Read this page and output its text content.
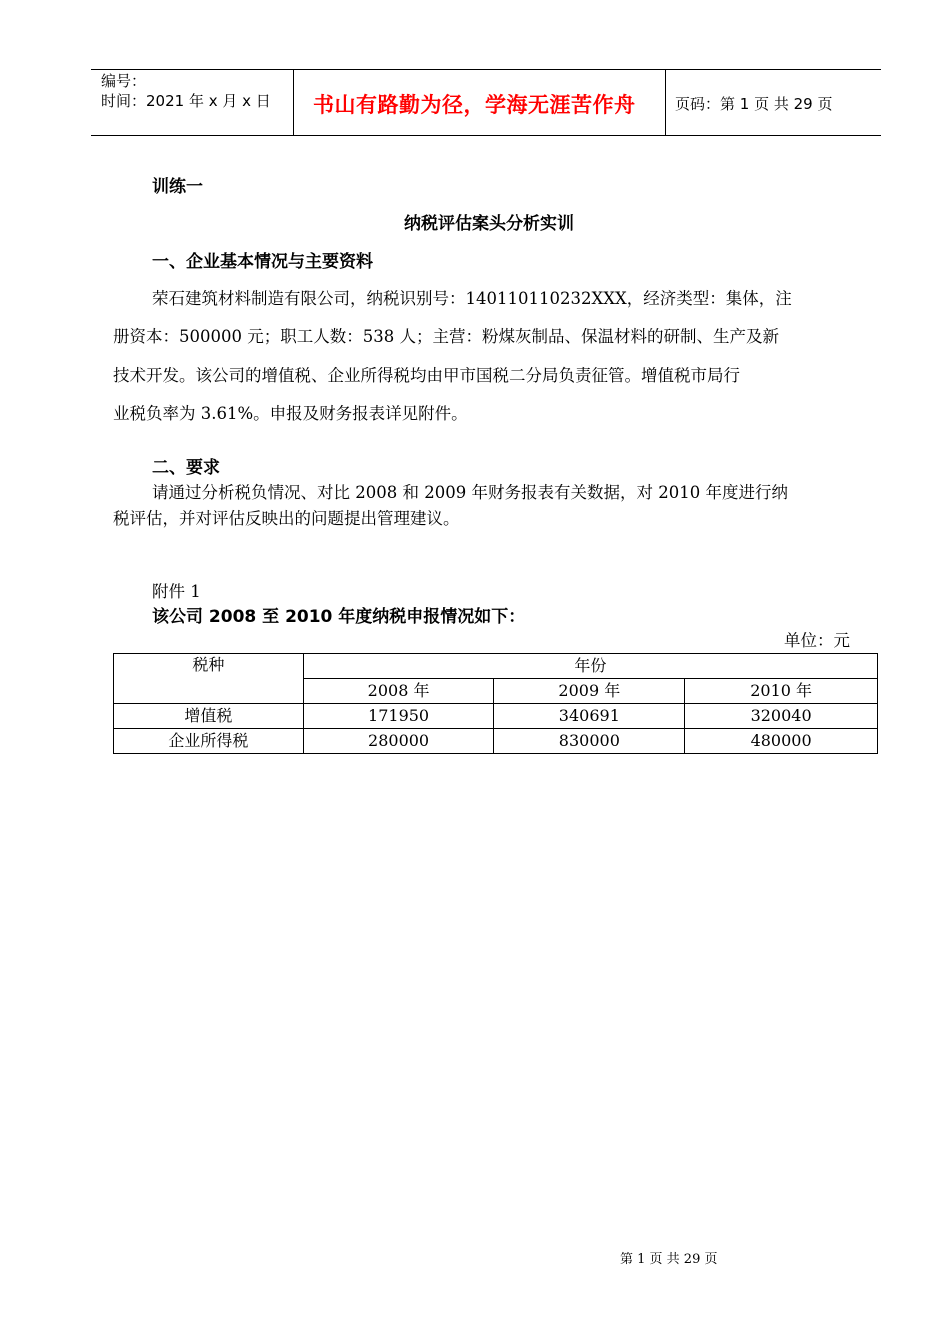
编号：
时间：2021 年 x 月 x 日 书山有路勤为径，学海无涯苦作舟	页码：第 1 页 共 29 页
训练一
纳税评估案头分析实训
一、企业基本情况与主要资料
荣石建筑材料制造有限公司，纳税识别号：140110110232XXX，经济类型：集体，注
册资本：500000 元；职工人数：538 人；主营：粉煤灰制品、保温材料的研制、生产及新
技术开发。该公司的增值税、企业所得税均由甲市国税二分局负责征管。增值税市局行
业税负率为 3.61%。申报及财务报表详见附件。
二、要求
请通过分析税负情况、对比 2008 和 2009 年财务报表有关数据，对 2010 年度进行纳
税评估，并对评估反映出的问题提出管理建议。
附件 1
该公司 2008 至 2010 年度纳税申报情况如下：
单位：元
税种	年份		
	2008 年	2009 年	2010 年
增值税	171950	340691	320040
企业所得税	280000	830000	480000
第 1 页 共 29 页
